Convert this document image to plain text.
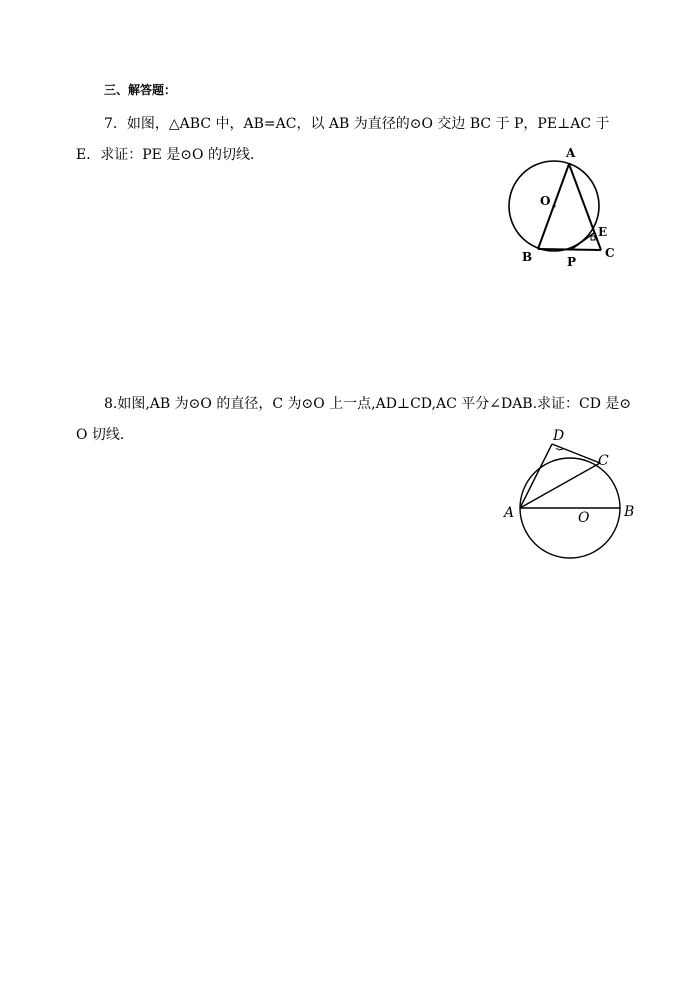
三、解答题：
7．如图，△ABC 中，AB=AC，以 AB 为直径的⊙O 交边 BC 于 P，PE⊥AC 于
E．求证：PE 是⊙O 的切线．	A
O
E
B	P
C
8.如图,AB 为⊙O 的直径，C 为⊙O 上一点,AD⊥CD,AC 平分∠DAB.求证：CD 是⊙
O 切线．	D
C
A	O B
